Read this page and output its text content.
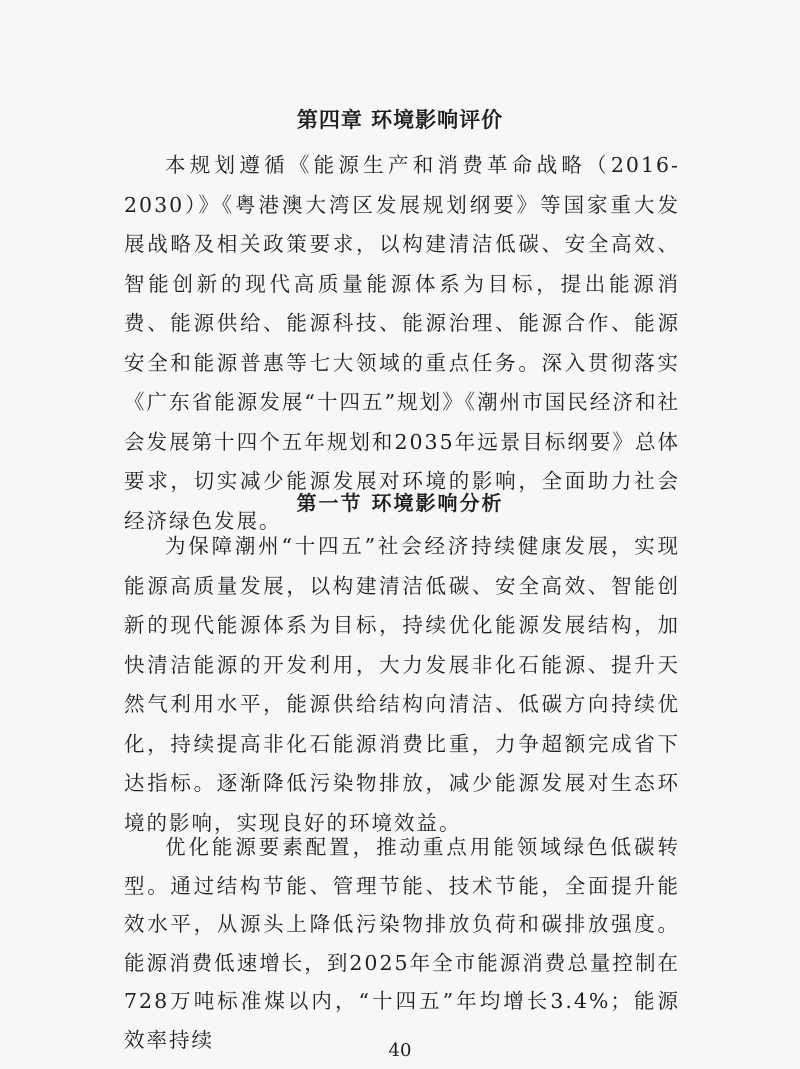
第四章 环境影响评价

本规划遵循《能源生产和消费革命战略（2016-2030）》《粤港澳大湾区发展规划纲要》等国家重大发展战略及相关政策要求，以构建清洁低碳、安全高效、智能创新的现代高质量能源体系为目标，提出能源消费、能源供给、能源科技、能源治理、能源合作、能源安全和能源普惠等七大领域的重点任务。深入贯彻落实《广东省能源发展“十四五”规划》《潮州市国民经济和社会发展第十四个五年规划和2035年远景目标纲要》总体要求，切实减少能源发展对环境的影响，全面助力社会经济绿色发展。

第一节 环境影响分析

为保障潮州“十四五”社会经济持续健康发展，实现能源高质量发展，以构建清洁低碳、安全高效、智能创新的现代能源体系为目标，持续优化能源发展结构，加快清洁能源的开发利用，大力发展非化石能源、提升天然气利用水平，能源供给结构向清洁、低碳方向持续优化，持续提高非化石能源消费比重，力争超额完成省下达指标。逐渐降低污染物排放，减少能源发展对生态环境的影响，实现良好的环境效益。

优化能源要素配置，推动重点用能领域绿色低碳转型。通过结构节能、管理节能、技术节能，全面提升能效水平，从源头上降低污染物排放负荷和碳排放强度。能源消费低速增长，到2025年全市能源消费总量控制在728万吨标准煤以内，“十四五”年均增长3.4%；能源效率持续	40
